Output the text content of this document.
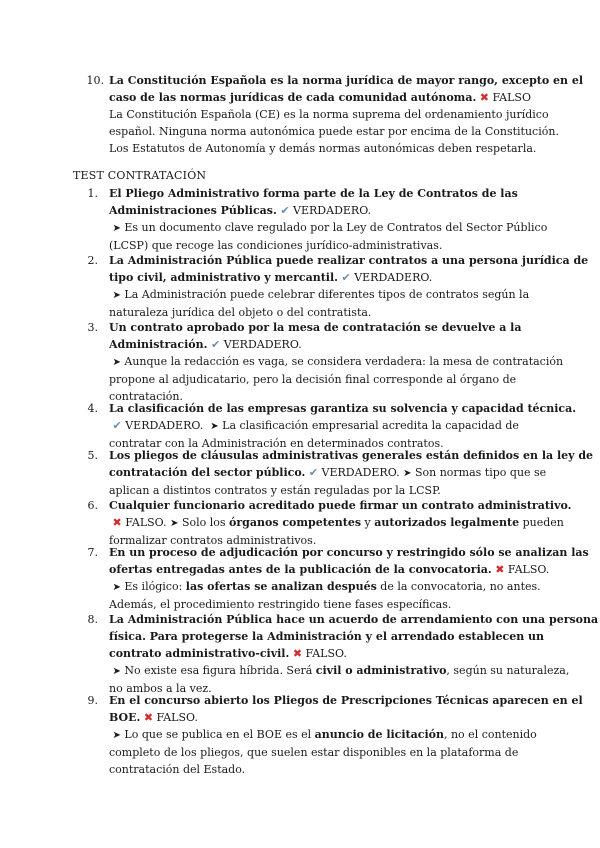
10. La Constitución Española es la norma jurídica de mayor rango, excepto en el
caso de las normas jurídicas de cada comunidad autónoma. ✖ FALSO
La Constitución Española (CE) es la norma suprema del ordenamiento jurídico
español. Ninguna norma autonómica puede estar por encima de la Constitución.
Los Estatutos de Autonomía y demás normas autonómicas deben respetarla.
TEST CONTRATACIÓN
1. El Pliego Administrativo forma parte de la Ley de Contratos de las
Administraciones Públicas. ✔ VERDADERO.
➤ Es un documento clave regulado por la Ley de Contratos del Sector Público
(LCSP) que recoge las condiciones jurídico-administrativas.
2. La Administración Pública puede realizar contratos a una persona jurídica de
tipo civil, administrativo y mercantil. ✔ VERDADERO.
➤ La Administración puede celebrar diferentes tipos de contratos según la
naturaleza jurídica del objeto o del contratista.
3. Un contrato aprobado por la mesa de contratación se devuelve a la
Administración. ✔ VERDADERO.
➤ Aunque la redacción es vaga, se considera verdadera: la mesa de contratación
propone al adjudicatario, pero la decisión final corresponde al órgano de
contratación.
4. La clasificación de las empresas garantiza su solvencia y capacidad técnica.
✔ VERDADERO. ➤ La clasificación empresarial acredita la capacidad de
contratar con la Administración en determinados contratos.
5. Los pliegos de cláusulas administrativas generales están definidos en la ley de
contratación del sector público. ✔ VERDADERO. ➤ Son normas tipo que se
aplican a distintos contratos y están reguladas por la LCSP.
6. Cualquier funcionario acreditado puede firmar un contrato administrativo.
✖ FALSO. ➤ Solo los órganos competentes y autorizados legalmente pueden
formalizar contratos administrativos.
7. En un proceso de adjudicación por concurso y restringido sólo se analizan las
ofertas entregadas antes de la publicación de la convocatoria. ✖ FALSO.
➤ Es ilógico: las ofertas se analizan después de la convocatoria, no antes.
Además, el procedimiento restringido tiene fases específicas.
8. La Administración Pública hace un acuerdo de arrendamiento con una persona
física. Para protegerse la Administración y el arrendado establecen un
contrato administrativo-civil. ✖ FALSO.
➤ No existe esa figura híbrida. Será civil o administrativo, según su naturaleza,
no ambos a la vez.
9. En el concurso abierto los Pliegos de Prescripciones Técnicas aparecen en el
BOE. ✖ FALSO.
➤ Lo que se publica en el BOE es el anuncio de licitación, no el contenido
completo de los pliegos, que suelen estar disponibles en la plataforma de
contratación del Estado.
